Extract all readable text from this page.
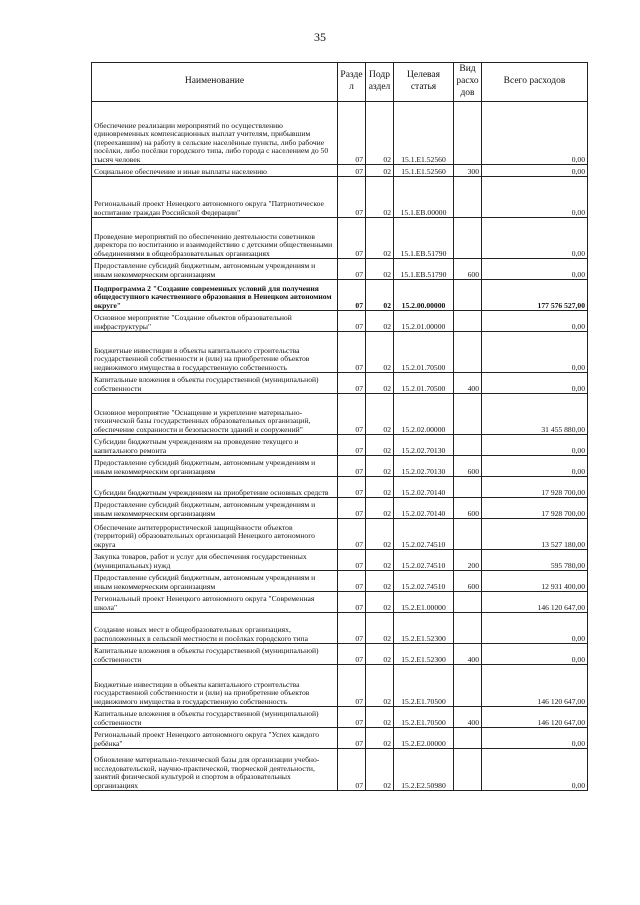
35
Наименование	Разде л	Подр аздел	Целевая статья	Вид расхо дов	Всего расходов
Обеспечение реализации мероприятий по осуществлению единовременных компенсационных выплат учителям, прибывшим (переехавшим) на работу в сельские населённые пункты, либо рабочие посёлки, либо посёлки городского типа, либо города с населением до 50 тысяч человек	07	02	15.1.E1.52560		0,00
Социальное обеспечение и иные выплаты населению	07	02	15.1.E1.52560	300	0,00
Региональный проект Ненецкого автономного округа "Патриотическое воспитание граждан Российской Федерации"	07	02	15.1.EB.00000		0,00
Проведение мероприятий по обеспечению деятельности советников директора по воспитанию и взаимодействию с детскими общественными объединениями в общеобразовательных организациях	07	02	15.1.EB.51790		0,00
Предоставление субсидий бюджетным, автономным учреждениям и иным некоммерческим организациям	07	02	15.1.EB.51790	600	0,00
Подпрограмма 2 "Создание современных условий для получения общедоступного качественного образования в Ненецком автономном округе"	07	02	15.2.00.00000		177 576 527,00
Основное мероприятие "Создание объектов образовательной инфраструктуры"	07	02	15.2.01.00000		0,00
Бюджетные инвестиции в объекты капитального строительства государственной собственности и (или) на приобретение объектов недвижимого имущества в государственную собственность	07	02	15.2.01.70500		0,00
Капитальные вложения в объекты государственной (муниципальной) собственности	07	02	15.2.01.70500	400	0,00
Основное мероприятие "Оснащение и укрепление материально-технической базы государственных образовательных организаций, обеспечение сохранности и безопасности зданий и сооружений"	07	02	15.2.02.00000		31 455 880,00
Субсидии бюджетным учреждениям на проведение текущего и капитального ремонта	07	02	15.2.02.70130		0,00
Предоставление субсидий бюджетным, автономным учреждениям и иным некоммерческим организациям	07	02	15.2.02.70130	600	0,00
Субсидии бюджетным учреждениям на приобретение основных средств	07	02	15.2.02.70140		17 928 700,00
Предоставление субсидий бюджетным, автономным учреждениям и иным некоммерческим организациям	07	02	15.2.02.70140	600	17 928 700,00
Обеспечение антитеррористической защищённости объектов (территорий) образовательных организаций Ненецкого автономного округа	07	02	15.2.02.74510		13 527 180,00
Закупка товаров, работ и услуг для обеспечения государственных (муниципальных) нужд	07	02	15.2.02.74510	200	595 780,00
Предоставление субсидий бюджетным, автономным учреждениям и иным некоммерческим организациям	07	02	15.2.02.74510	600	12 931 400,00
Региональный проект Ненецкого автономного округа "Современная школа"	07	02	15.2.E1.00000		146 120 647,00
Создание новых мест в общеобразовательных организациях, расположенных в сельской местности и посёлках городского типа	07	02	15.2.E1.52300		0,00
Капитальные вложения в объекты государственной (муниципальной) собственности	07	02	15.2.E1.52300	400	0,00
Бюджетные инвестиции в объекты капитального строительства государственной собственности и (или) на приобретение объектов недвижимого имущества в государственную собственность	07	02	15.2.E1.70500		146 120 647,00
Капитальные вложения в объекты государственной (муниципальной) собственности	07	02	15.2.E1.70500	400	146 120 647,00
Региональный проект Ненецкого автономного округа "Успех каждого ребёнка"	07	02	15.2.E2.00000		0,00
Обновление материально-технической базы для организации учебно-исследовательской, научно-практической, творческой деятельности, занятий физической культурой и спортом в образовательных организациях	07	02	15.2.E2.50980		0,00
